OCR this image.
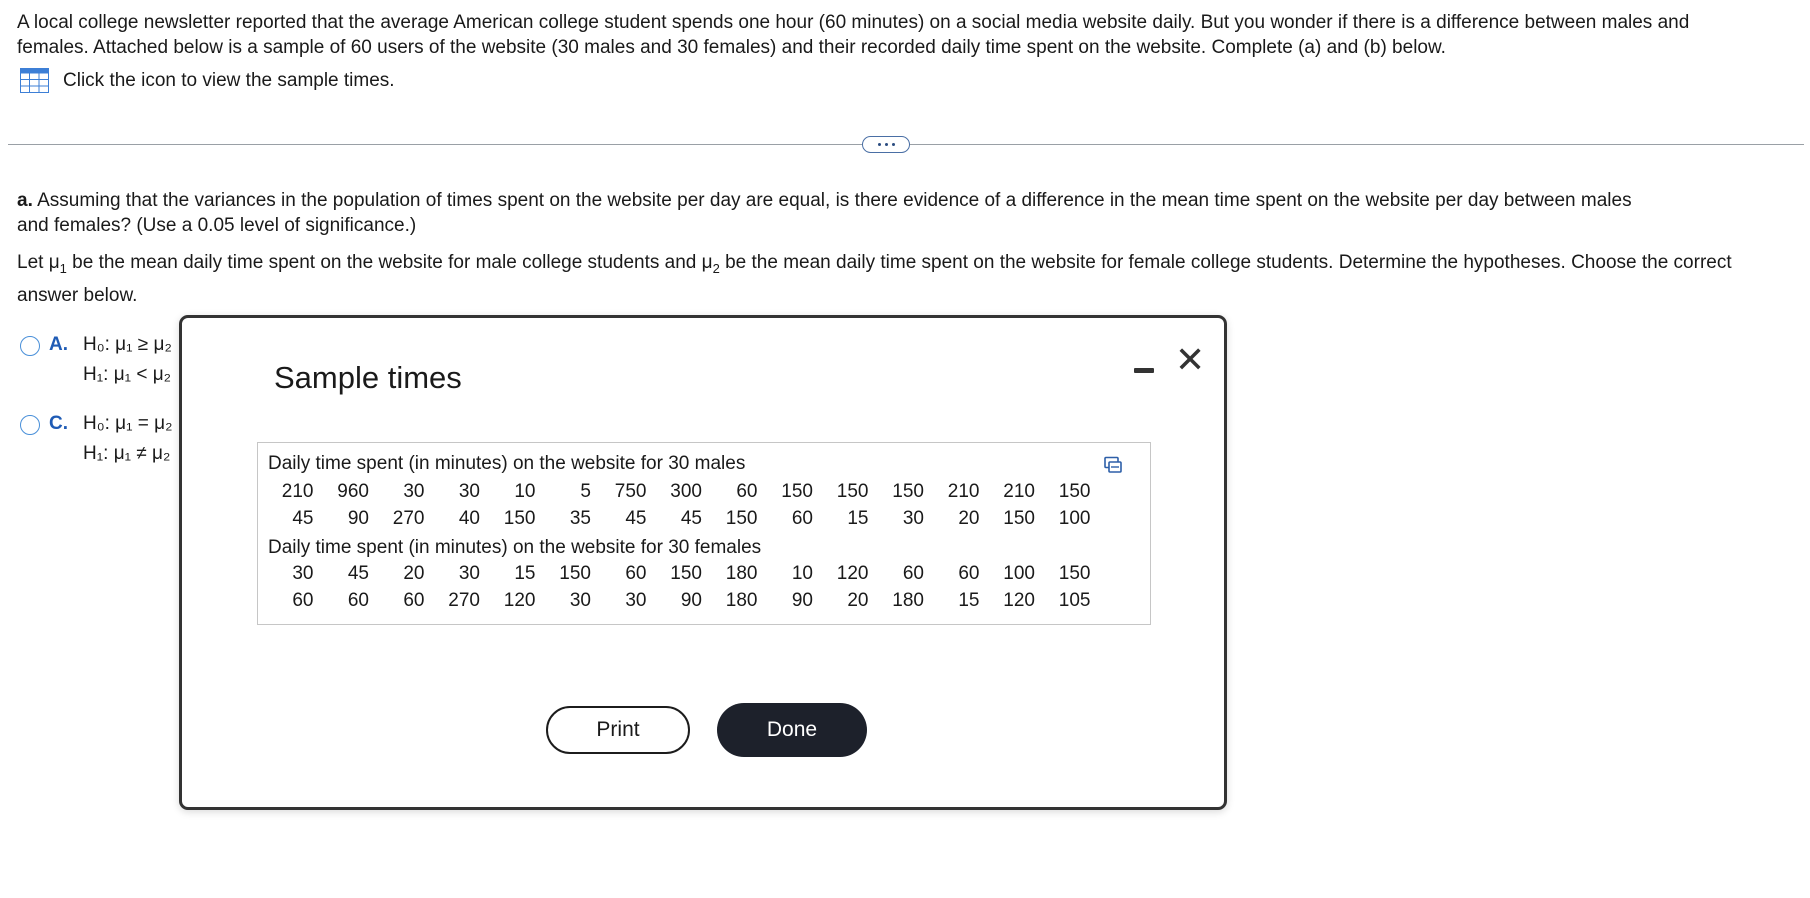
A local college newsletter reported that the average American college student spends one hour (60 minutes) on a social media website daily. But you wonder if there is a difference between males and

females. Attached below is a sample of 60 users of the website (30 males and 30 females) and their recorded daily time spent on the website. Complete (a) and (b) below.

Click the icon to view the sample times.

a. Assuming that the variances in the population of times spent on the website per day are equal, is there evidence of a difference in the mean time spent on the website per day between males

and females? (Use a 0.05 level of significance.)

Let $\mu_1$ be the mean daily time spent on the website for male college students and $\mu_2$ be the mean daily time spent on the website for female college students. Determine the hypotheses. Choose the correct

answer below.

A. H₀: μ₁ ≥ μ₂
H₁: μ₁ < μ₂
C. H₀: μ₁ = μ₂
H₁: μ₁ ≠ μ₂
Sample times	✕
Daily time spent (in minutes) on the website for 30 males
210	960	30	30	10	5	750	300	60	150	150	150	210	210	150
45	90	270	40	150	35	45	45	150	60	15	30	20	150	100
Daily time spent (in minutes) on the website for 30 females
30	45	20	30	15	150	60	150	180	10	120	60	60	100	150
60	60	60	270	120	30	30	90	180	90	20	180	15	120	105
Print	Done
